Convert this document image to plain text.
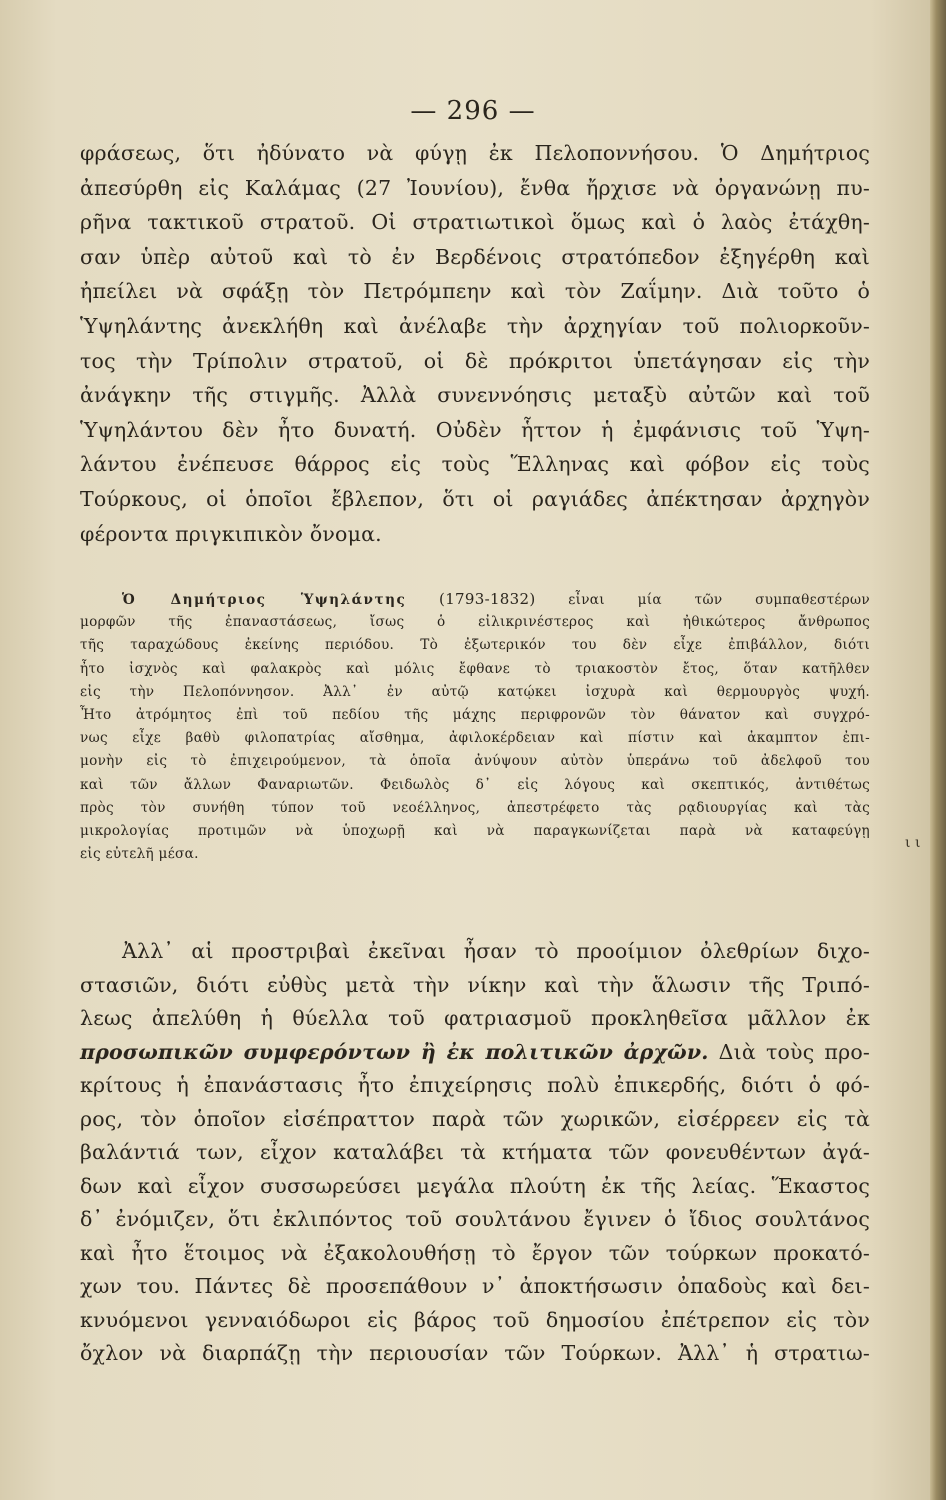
— 296 —
φράσεως, ὅτι ἠδύνατο νὰ φύγῃ ἐκ Πελοποννήσου. Ὁ Δημήτριος
ἀπεσύρθη εἰς Καλάμας (27 Ἰουνίου), ἔνθα ἤρχισε νὰ ὀργανώνῃ πυ-
ρῆνα τακτικοῦ στρατοῦ. Οἱ στρατιωτικοὶ ὅμως καὶ ὁ λαὸς ἐτάχθη-
σαν ὑπὲρ αὐτοῦ καὶ τὸ ἐν Βερδένοις στρατόπεδον ἐξηγέρθη καὶ
ἠπείλει νὰ σφάξῃ τὸν Πετρόμπεην καὶ τὸν Ζαΐμην. Διὰ τοῦτο ὁ
Ὑψηλάντης ἀνεκλήθη καὶ ἀνέλαβε τὴν ἀρχηγίαν τοῦ πολιορκοῦν-
τος τὴν Τρίπολιν στρατοῦ, οἱ δὲ πρόκριτοι ὑπετάγησαν εἰς τὴν
ἀνάγκην τῆς στιγμῆς. Ἀλλὰ συνεννόησις μεταξὺ αὐτῶν καὶ τοῦ
Ὑψηλάντου δὲν ἦτο δυνατή. Οὐδὲν ἧττον ἡ ἐμφάνισις τοῦ Ὑψη-
λάντου ἐνέπευσε θάρρος εἰς τοὺς Ἕλληνας καὶ φόβον εἰς τοὺς
Τούρκους, οἱ ὁποῖοι ἔβλεπον, ὅτι οἱ ραγιάδες ἀπέκτησαν ἀρχηγὸν
φέροντα πριγκιπικὸν ὄνομα.
Ὁ Δημήτριος Ὑψηλάντης (1793-1832) εἶναι μία τῶν συμπαθεστέρων
μορφῶν τῆς ἐπαναστάσεως, ἴσως ὁ εἰλικρινέστερος καὶ ἠθικώτερος ἄνθρωπος
τῆς ταραχώδους ἐκείνης περιόδου. Τὸ ἐξωτερικόν του δὲν εἶχε ἐπιβάλλον, διότι
ἦτο ἰσχνὸς καὶ φαλακρὸς καὶ μόλις ἔφθανε τὸ τριακοστὸν ἔτος, ὅταν κατῆλθεν
εἰς τὴν Πελοπόννησον. Ἀλλ᾽ ἐν αὐτῷ κατῴκει ἰσχυρὰ καὶ θερμουργὸς ψυχή.
Ἦτο ἀτρόμητος ἐπὶ τοῦ πεδίου τῆς μάχης περιφρονῶν τὸν θάνατον καὶ συγχρό-
νως εἶχε βαθὺ φιλοπατρίας αἴσθημα, ἀφιλοκέρδειαν καὶ πίστιν καὶ ἀκαμπτον ἐπι-
μονὴν εἰς τὸ ἐπιχειρούμενον, τὰ ὁποῖα ἀνύψουν αὐτὸν ὑπεράνω τοῦ ἀδελφοῦ του
καὶ τῶν ἄλλων Φαναριωτῶν. Φειδωλὸς δ᾽ εἰς λόγους καὶ σκεπτικός, ἀντιθέτως
πρὸς τὸν συνήθη τύπον τοῦ νεοέλληνος, ἀπεστρέφετο τὰς ρᾳδιουργίας καὶ τὰς
μικρολογίας προτιμῶν νὰ ὑποχωρῇ καὶ νὰ παραγκωνίζεται παρὰ νὰ καταφεύγῃ
εἰς εὐτελῆ μέσα.
ι ι
Ἀλλ᾽ αἱ προστριβαὶ ἐκεῖναι ἦσαν τὸ προοίμιον ὀλεθρίων διχο-
στασιῶν, διότι εὐθὺς μετὰ τὴν νίκην καὶ τὴν ἅλωσιν τῆς Τριπό-
λεως ἀπελύθη ἡ θύελλα τοῦ φατριασμοῦ προκληθεῖσα μᾶλλον ἐκ
προσωπικῶν συμφερόντων ἢ ἐκ πολιτικῶν ἀρχῶν. Διὰ τοὺς προ-
κρίτους ἡ ἐπανάστασις ἦτο ἐπιχείρησις πολὺ ἐπικερδής, διότι ὁ φό-
ρος, τὸν ὁποῖον εἰσέπραττον παρὰ τῶν χωρικῶν, εἰσέρρεεν εἰς τὰ
βαλάντιά των, εἶχον καταλάβει τὰ κτήματα τῶν φονευθέντων ἀγά-
δων καὶ εἶχον συσσωρεύσει μεγάλα πλούτη ἐκ τῆς λείας. Ἕκαστος
δ᾽ ἐνόμιζεν, ὅτι ἐκλιπόντος τοῦ σουλτάνου ἔγινεν ὁ ἴδιος σουλτάνος
καὶ ἦτο ἕτοιμος νὰ ἐξακολουθήσῃ τὸ ἔργον τῶν τούρκων προκατό-
χων του. Πάντες δὲ προσεπάθουν ν᾽ ἀποκτήσωσιν ὀπαδοὺς καὶ δει-
κνυόμενοι γενναιόδωροι εἰς βάρος τοῦ δημοσίου ἐπέτρεπον εἰς τὸν
ὄχλον νὰ διαρπάζῃ τὴν περιουσίαν τῶν Τούρκων. Ἀλλ᾽ ἡ στρατιω-
